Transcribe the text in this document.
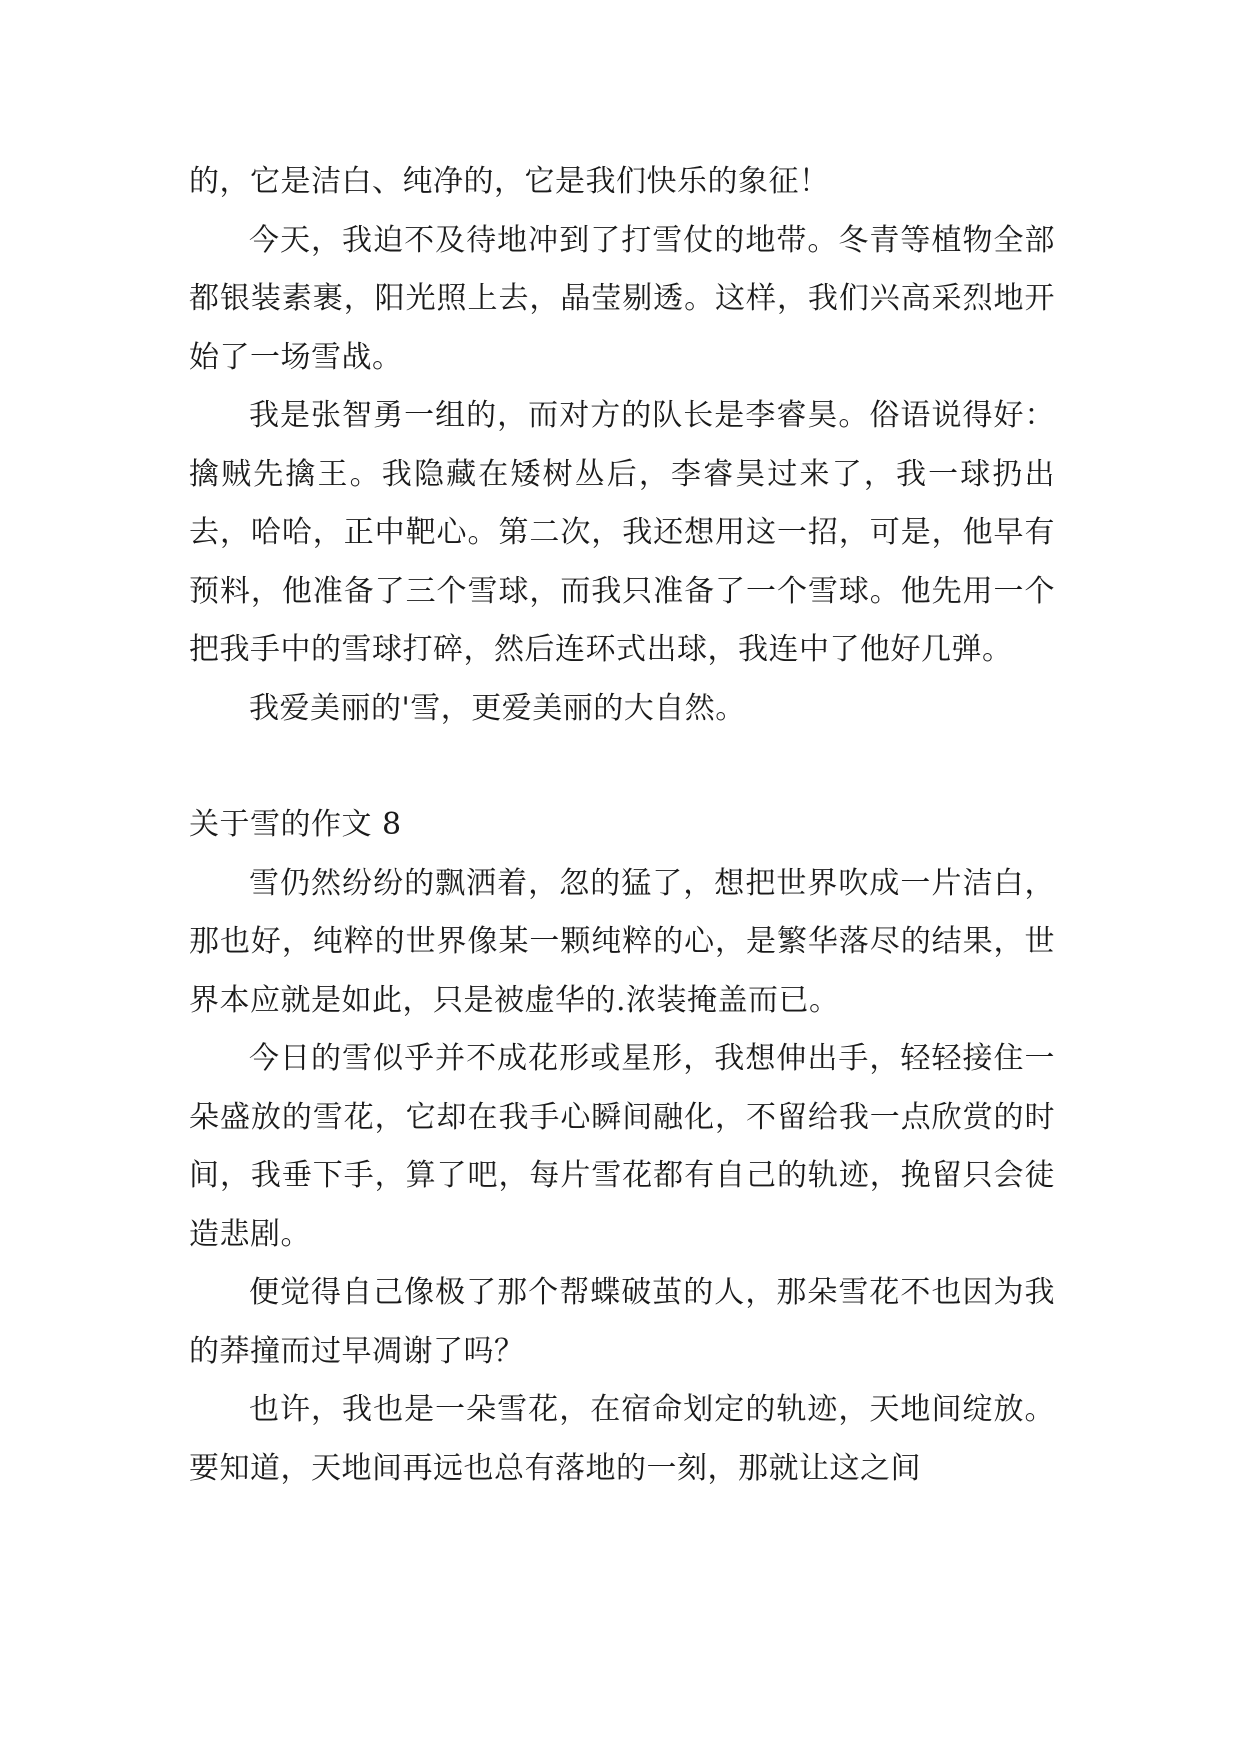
的，它是洁白、纯净的，它是我们快乐的象征！

今天，我迫不及待地冲到了打雪仗的地带。冬青等植物全部都银装素裹，阳光照上去，晶莹剔透。这样，我们兴高采烈地开始了一场雪战。

我是张智勇一组的，而对方的队长是李睿昊。俗语说得好：擒贼先擒王。我隐藏在矮树丛后，李睿昊过来了，我一球扔出去，哈哈，正中靶心。第二次，我还想用这一招，可是，他早有预料，他准备了三个雪球，而我只准备了一个雪球。他先用一个把我手中的雪球打碎，然后连环式出球，我连中了他好几弹。

我爱美丽的'雪，更爱美丽的大自然。

关于雪的作文 8

雪仍然纷纷的飘洒着，忽的猛了，想把世界吹成一片洁白，那也好，纯粹的世界像某一颗纯粹的心，是繁华落尽的结果，世界本应就是如此，只是被虚华的.浓装掩盖而已。

今日的雪似乎并不成花形或星形，我想伸出手，轻轻接住一朵盛放的雪花，它却在我手心瞬间融化，不留给我一点欣赏的时间，我垂下手，算了吧，每片雪花都有自己的轨迹，挽留只会徒造悲剧。

便觉得自己像极了那个帮蝶破茧的人，那朵雪花不也因为我的莽撞而过早凋谢了吗？

也许，我也是一朵雪花，在宿命划定的轨迹，天地间绽放。要知道，天地间再远也总有落地的一刻，那就让这之间
